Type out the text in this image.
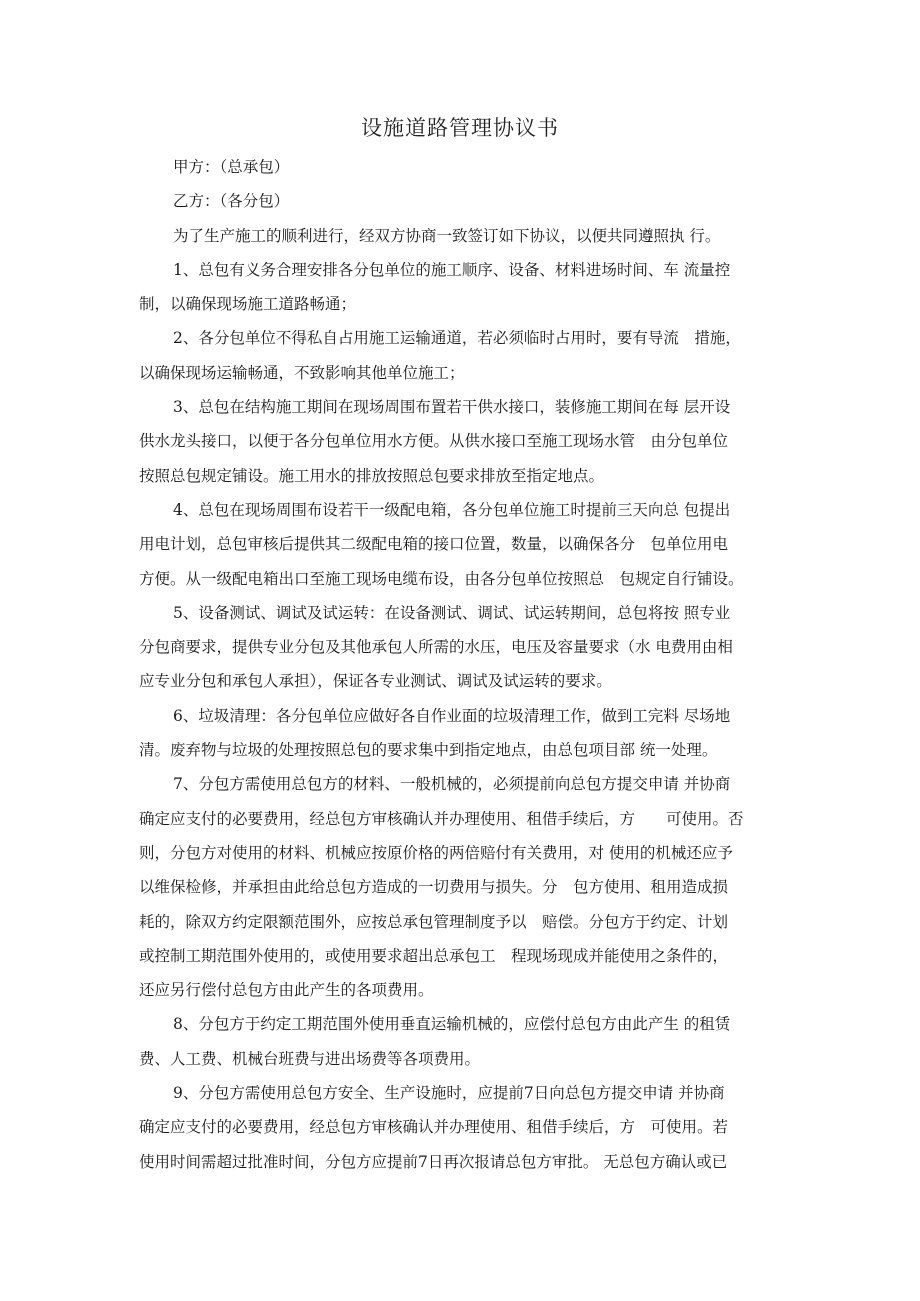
设施道路管理协议书
甲方：（总承包）
乙方：（各分包）
为了生产施工的顺利进行，经双方协商一致签订如下协议，以便共同遵照执 行。
1、总包有义务合理安排各分包单位的施工顺序、设备、材料进场时间、车 流量控
制，以确保现场施工道路畅通；
2、各分包单位不得私自占用施工运输通道，若必须临时占用时，要有导流　措施，
以确保现场运输畅通，不致影响其他单位施工；
3、总包在结构施工期间在现场周围布置若干供水接口，装修施工期间在每 层开设
供水龙头接口，以便于各分包单位用水方便。从供水接口至施工现场水管　由分包单位
按照总包规定铺设。施工用水的排放按照总包要求排放至指定地点。
4、总包在现场周围布设若干一级配电箱，各分包单位施工时提前三天向总 包提出
用电计划，总包审核后提供其二级配电箱的接口位置，数量，以确保各分　包单位用电
方便。从一级配电箱出口至施工现场电缆布设，由各分包单位按照总　包规定自行铺设。
5、设备测试、调试及试运转：在设备测试、调试、试运转期间，总包将按 照专业
分包商要求，提供专业分包及其他承包人所需的水压，电压及容量要求（水 电费用由相
应专业分包和承包人承担），保证各专业测试、调试及试运转的要求。
6、垃圾清理：各分包单位应做好各自作业面的垃圾清理工作，做到工完料 尽场地
清。废弃物与垃圾的处理按照总包的要求集中到指定地点，由总包项目部 统一处理。
7、分包方需使用总包方的材料、一般机械的，必须提前向总包方提交申请 并协商
确定应支付的必要费用，经总包方审核确认并办理使用、租借手续后，方　　可使用。否
则，分包方对使用的材料、机械应按原价格的两倍赔付有关费用，对 使用的机械还应予
以维保检修，并承担由此给总包方造成的一切费用与损失。分　包方使用、租用造成损
耗的，除双方约定限额范围外，应按总承包管理制度予以　赔偿。分包方于约定、计划
或控制工期范围外使用的，或使用要求超出总承包工　程现场现成并能使用之条件的，
还应另行偿付总包方由此产生的各项费用。
8、分包方于约定工期范围外使用垂直运输机械的，应偿付总包方由此产生 的租赁
费、人工费、机械台班费与进出场费等各项费用。
9、分包方需使用总包方安全、生产设施时，应提前7日向总包方提交申请 并协商
确定应支付的必要费用，经总包方审核确认并办理使用、租借手续后，方　可使用。若
使用时间需超过批准时间，分包方应提前7日再次报请总包方审批。 无总包方确认或已
